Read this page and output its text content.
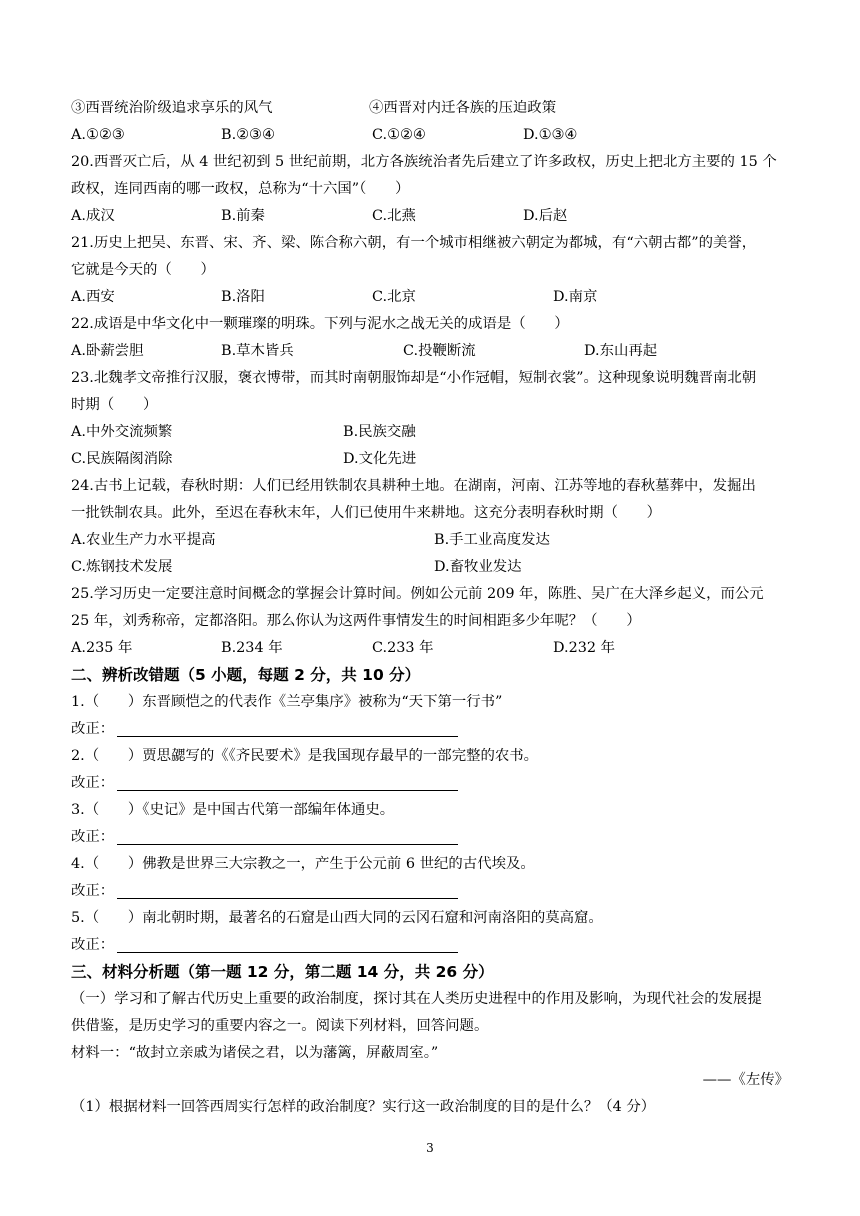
③西晋统治阶级追求享乐的风气	④西晋对内迁各族的压迫政策
A.①②③	B.②③④	C.①②④	D.①③④
20.西晋灭亡后，从 4 世纪初到 5 世纪前期，北方各族统治者先后建立了许多政权，历史上把北方主要的 15 个
政权，连同西南的哪一政权，总称为“十六国”（　　）
A.成汉	B.前秦	C.北燕	D.后赵
21.历史上把吴、东晋、宋、齐、梁、陈合称六朝，有一个城市相继被六朝定为都城，有“六朝古都”的美誉，
它就是今天的（　　）
A.西安	B.洛阳	C.北京	D.南京
22.成语是中华文化中一颗璀璨的明珠。下列与泥水之战无关的成语是（　　）
A.卧薪尝胆	B.草木皆兵	C.投鞭断流	D.东山再起
23.北魏孝文帝推行汉服，褒衣博带，而其时南朝服饰却是“小作冠帽，短制衣裳”。这种现象说明魏晋南北朝
时期（　　）
A.中外交流频繁	B.民族交融
C.民族隔阂消除	D.文化先进
24.古书上记载，春秋时期：人们已经用铁制农具耕种土地。在湖南，河南、江苏等地的春秋墓葬中，发掘出
一批铁制农具。此外，至迟在春秋末年，人们已使用牛来耕地。这充分表明春秋时期（　　）
A.农业生产力水平提高	B.手工业高度发达
C.炼钢技术发展	D.畜牧业发达
25.学习历史一定要注意时间概念的掌握会计算时间。例如公元前 209 年，陈胜、吴广在大泽乡起义，而公元
25 年，刘秀称帝，定都洛阳。那么你认为这两件事情发生的时间相距多少年呢？（　　）
A.235 年	B.234 年	C.233 年	D.232 年
二、辨析改错题（5 小题，每题 2 分，共 10 分）
1.（　　）东晋顾恺之的代表作《兰亭集序》被称为“天下第一行书”
改正：
2.（　　）贾思勰写的《《齐民要术》是我国现存最早的一部完整的农书。
改正：
3.（　　）《史记》是中国古代第一部编年体通史。
改正：
4.（　　）佛教是世界三大宗教之一，产生于公元前 6 世纪的古代埃及。
改正：
5.（　　）南北朝时期，最著名的石窟是山西大同的云冈石窟和河南洛阳的莫高窟。
改正：
三、材料分析题（第一题 12 分，第二题 14 分，共 26 分）
（一）学习和了解古代历史上重要的政治制度，探讨其在人类历史进程中的作用及影响，为现代社会的发展提
供借鉴，是历史学习的重要内容之一。阅读下列材料，回答问题。
材料一：“故封立亲戚为诸侯之君，以为藩篱，屏蔽周室。”
——《左传》
（1）根据材料一回答西周实行怎样的政治制度？实行这一政治制度的目的是什么？（4 分）
3
